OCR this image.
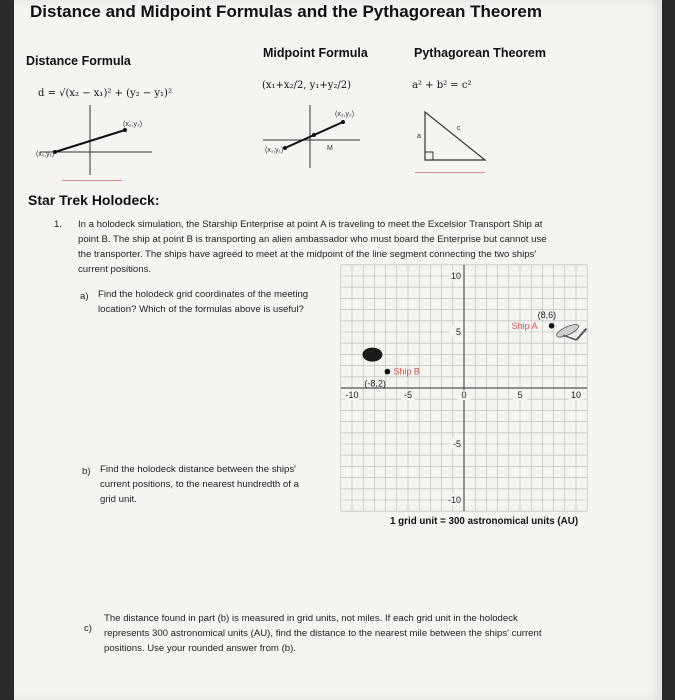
Distance and Midpoint Formulas and the Pythagorean Theorem
Distance Formula
Midpoint Formula	Pythagorean Theorem
d = √(x₂ − x₁)² + (y₂ − y₁)²
(x₁+x₂/2, y₁+y₂/2)	a² + b² = c²
(x₁,y₁)
(x₂,y₂)
(x₁,y₁)
(x₂,y₂)
M
a
c
Star Trek Holodeck:
1. In a holodeck simulation, the Starship Enterprise at point A is traveling to meet the Excelsior Transport Ship at
point B. The ship at point B is transporting an alien ambassador who must board the Enterprise but cannot use
the transporter. The ships have agreed to meet at the midpoint of the line segment connecting the two ships'
current positions.
a) Find the holodeck grid coordinates of the meeting
location? Which of the formulas above is useful?
b) Find the holodeck distance between the ships'
current positions, to the nearest hundredth of a
grid unit.
-10	-5	0	5	10
10
5
-5
-10
Ship B
(-8,2)
Ship A
(8,6)
1 grid unit = 300 astronomical units (AU)
c)
The distance found in part (b) is measured in grid units, not miles. If each grid unit in the holodeck
represents 300 astronomical units (AU), find the distance to the nearest mile between the ships' current
positions. Use your rounded answer from (b).
